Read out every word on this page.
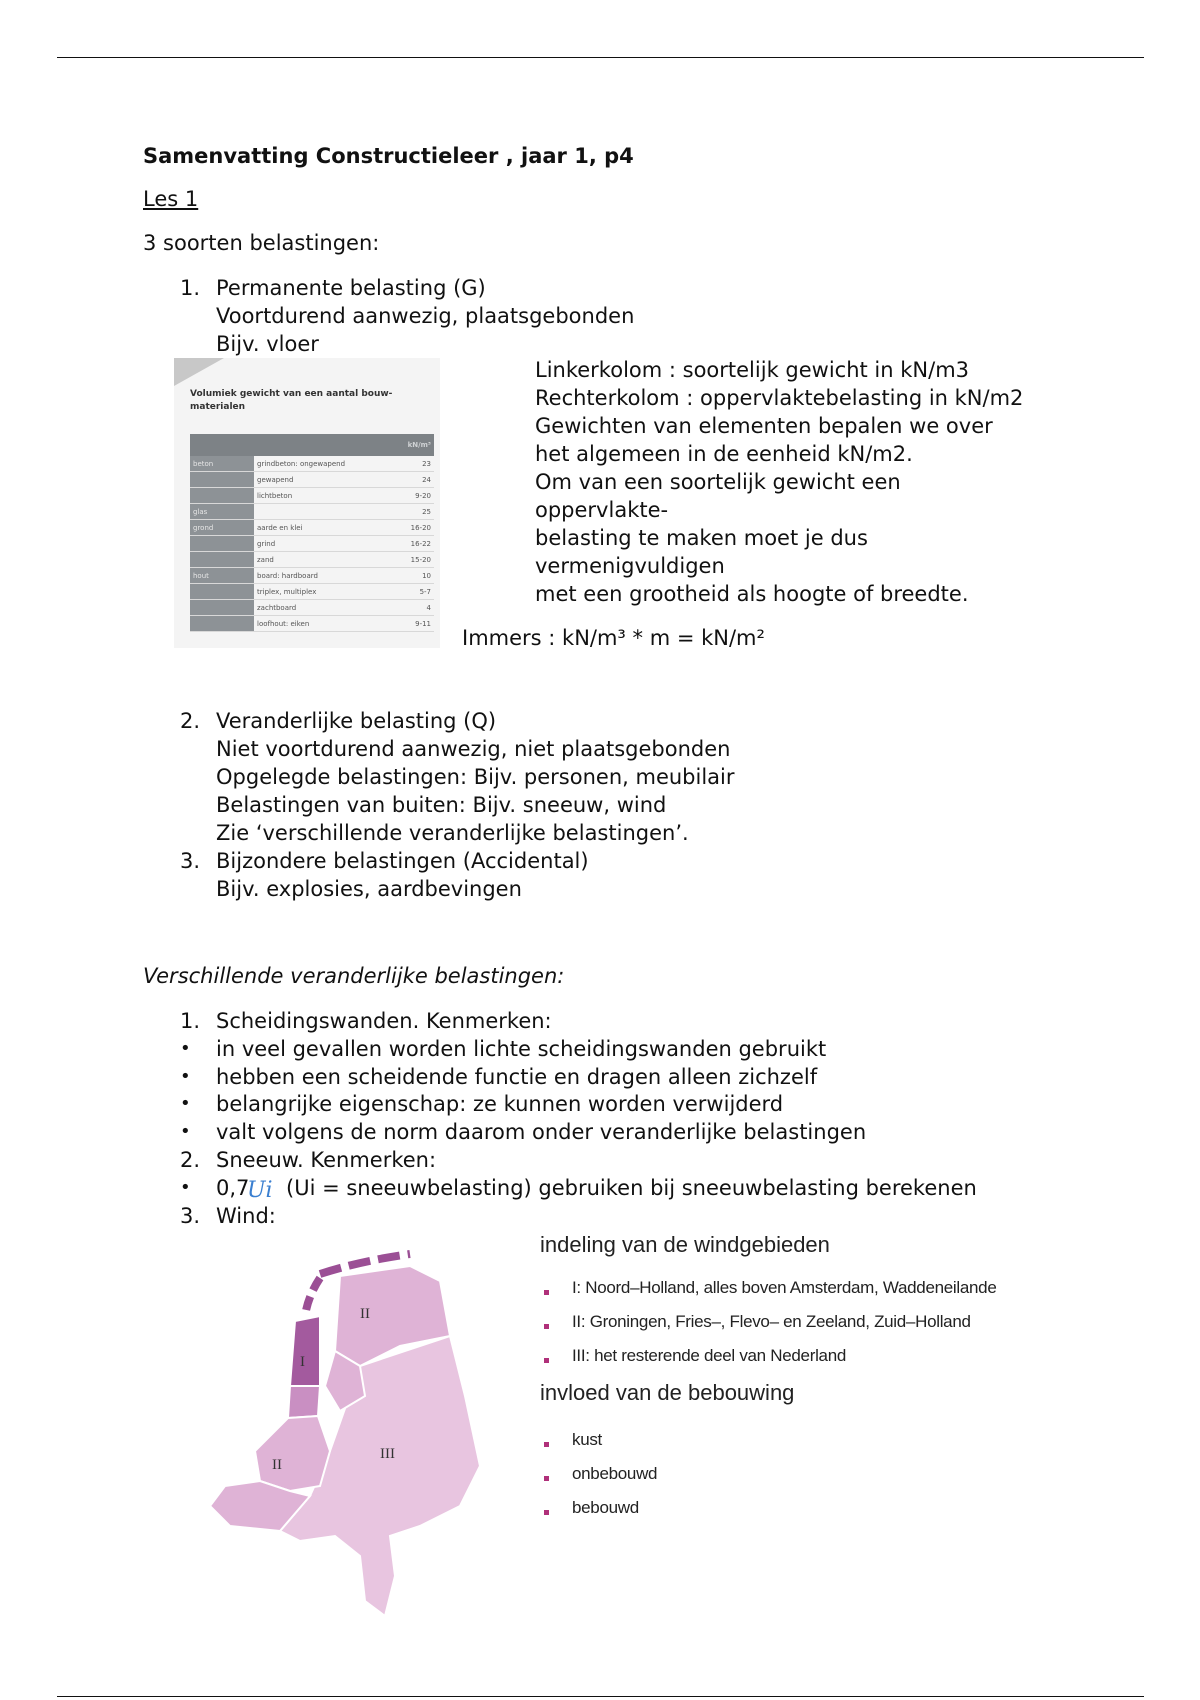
Samenvatting Constructieleer , jaar 1, p4
Les 1
3 soorten belastingen:
1. Permanente belasting (G)
Voortdurend aanwezig, plaatsgebonden
Bijv. vloer
Volumiek gewicht van een aantal bouw-materialen
		kN/m³
beton	grindbeton: ongewapend	23
	gewapend	24
	lichtbeton	9-20
glas		25
grond	aarde en klei	16-20
	grind	16-22
	zand	15-20
hout	board: hardboard	10
	triplex, multiplex	5-7
	zachtboard	4
	loofhout: eiken	9-11
Linkerkolom : soortelijk gewicht in kN/m3
Rechterkolom : oppervlaktebelasting in kN/m2
Gewichten van elementen bepalen we over
het algemeen in de eenheid kN/m2.
Om van een soortelijk gewicht een
oppervlakte-
belasting te maken moet je dus
vermenigvuldigen
met een grootheid als hoogte of breedte.
Immers : kN/m³ * m = kN/m²
2. Veranderlijke belasting (Q)
Niet voortdurend aanwezig, niet plaatsgebonden
Opgelegde belastingen: Bijv. personen, meubilair
Belastingen van buiten: Bijv. sneeuw, wind
Zie ‘verschillende veranderlijke belastingen’.
3. Bijzondere belastingen (Accidental)
Bijv. explosies, aardbevingen
Verschillende veranderlijke belastingen:
1. Scheidingswanden. Kenmerken:
• in veel gevallen worden lichte scheidingswanden gebruikt
• hebben een scheidende functie en dragen alleen zichzelf
• belangrijke eigenschap: ze kunnen worden verwijderd
• valt volgens de norm daarom onder veranderlijke belastingen
2. Sneeuw. Kenmerken:
• 0,7
Ui (Ui = sneeuwbelasting) gebruiken bij sneeuwbelasting berekenen
3. Wind:
II
I
II
III
indeling van de windgebieden
I: Noord–Holland, alles boven Amsterdam, Waddeneilande
II: Groningen, Fries–, Flevo– en Zeeland, Zuid–Holland
III: het resterende deel van Nederland
invloed van de bebouwing
kust
onbebouwd
bebouwd
